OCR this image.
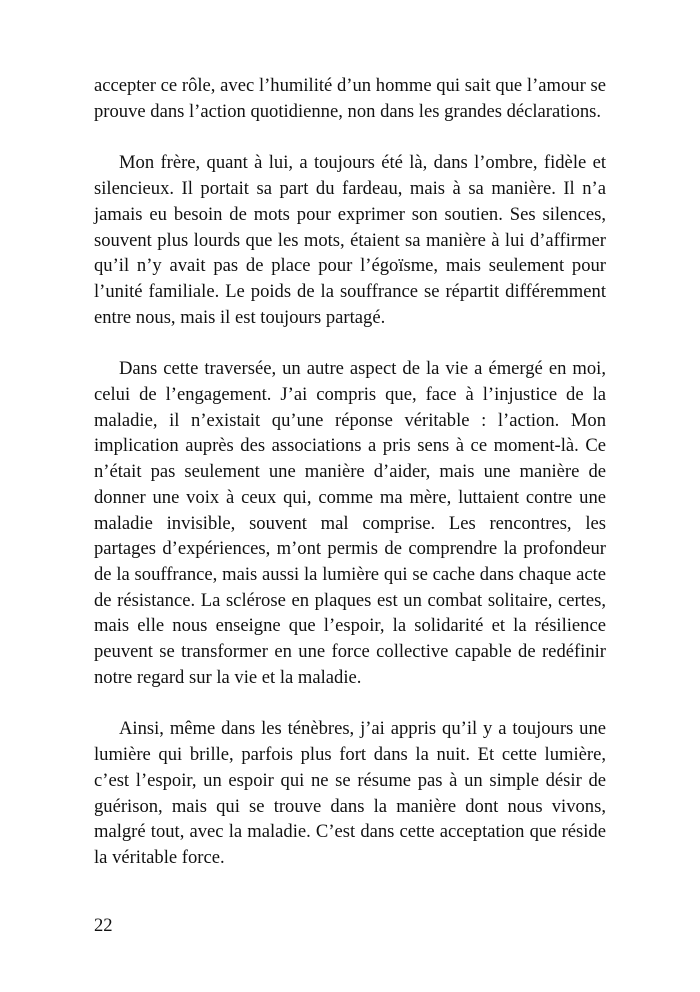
accepter ce rôle, avec l’humilité d’un homme qui sait que l’amour se prouve dans l’action quotidienne, non dans les grandes déclarations.

Mon frère, quant à lui, a toujours été là, dans l’ombre, fidèle et silencieux. Il portait sa part du fardeau, mais à sa manière. Il n’a jamais eu besoin de mots pour exprimer son soutien. Ses silences, souvent plus lourds que les mots, étaient sa manière à lui d’affirmer qu’il n’y avait pas de place pour l’égoïsme, mais seulement pour l’unité familiale. Le poids de la souffrance se répartit différemment entre nous, mais il est toujours partagé.

Dans cette traversée, un autre aspect de la vie a émergé en moi, celui de l’engagement. J’ai compris que, face à l’injustice de la maladie, il n’existait qu’une réponse véritable : l’action. Mon implication auprès des associations a pris sens à ce moment-là. Ce n’était pas seulement une manière d’aider, mais une manière de donner une voix à ceux qui, comme ma mère, luttaient contre une maladie invisible, souvent mal comprise. Les rencontres, les partages d’expériences, m’ont permis de comprendre la profondeur de la souffrance, mais aussi la lumière qui se cache dans chaque acte de résistance. La sclérose en plaques est un combat solitaire, certes, mais elle nous enseigne que l’espoir, la solidarité et la résilience peuvent se transformer en une force collective capable de redéfinir notre regard sur la vie et la maladie.

Ainsi, même dans les ténèbres, j’ai appris qu’il y a toujours une lumière qui brille, parfois plus fort dans la nuit. Et cette lumière, c’est l’espoir, un espoir qui ne se résume pas à un simple désir de guérison, mais qui se trouve dans la manière dont nous vivons, malgré tout, avec la maladie. C’est dans cette acceptation que réside la véritable force.

22
